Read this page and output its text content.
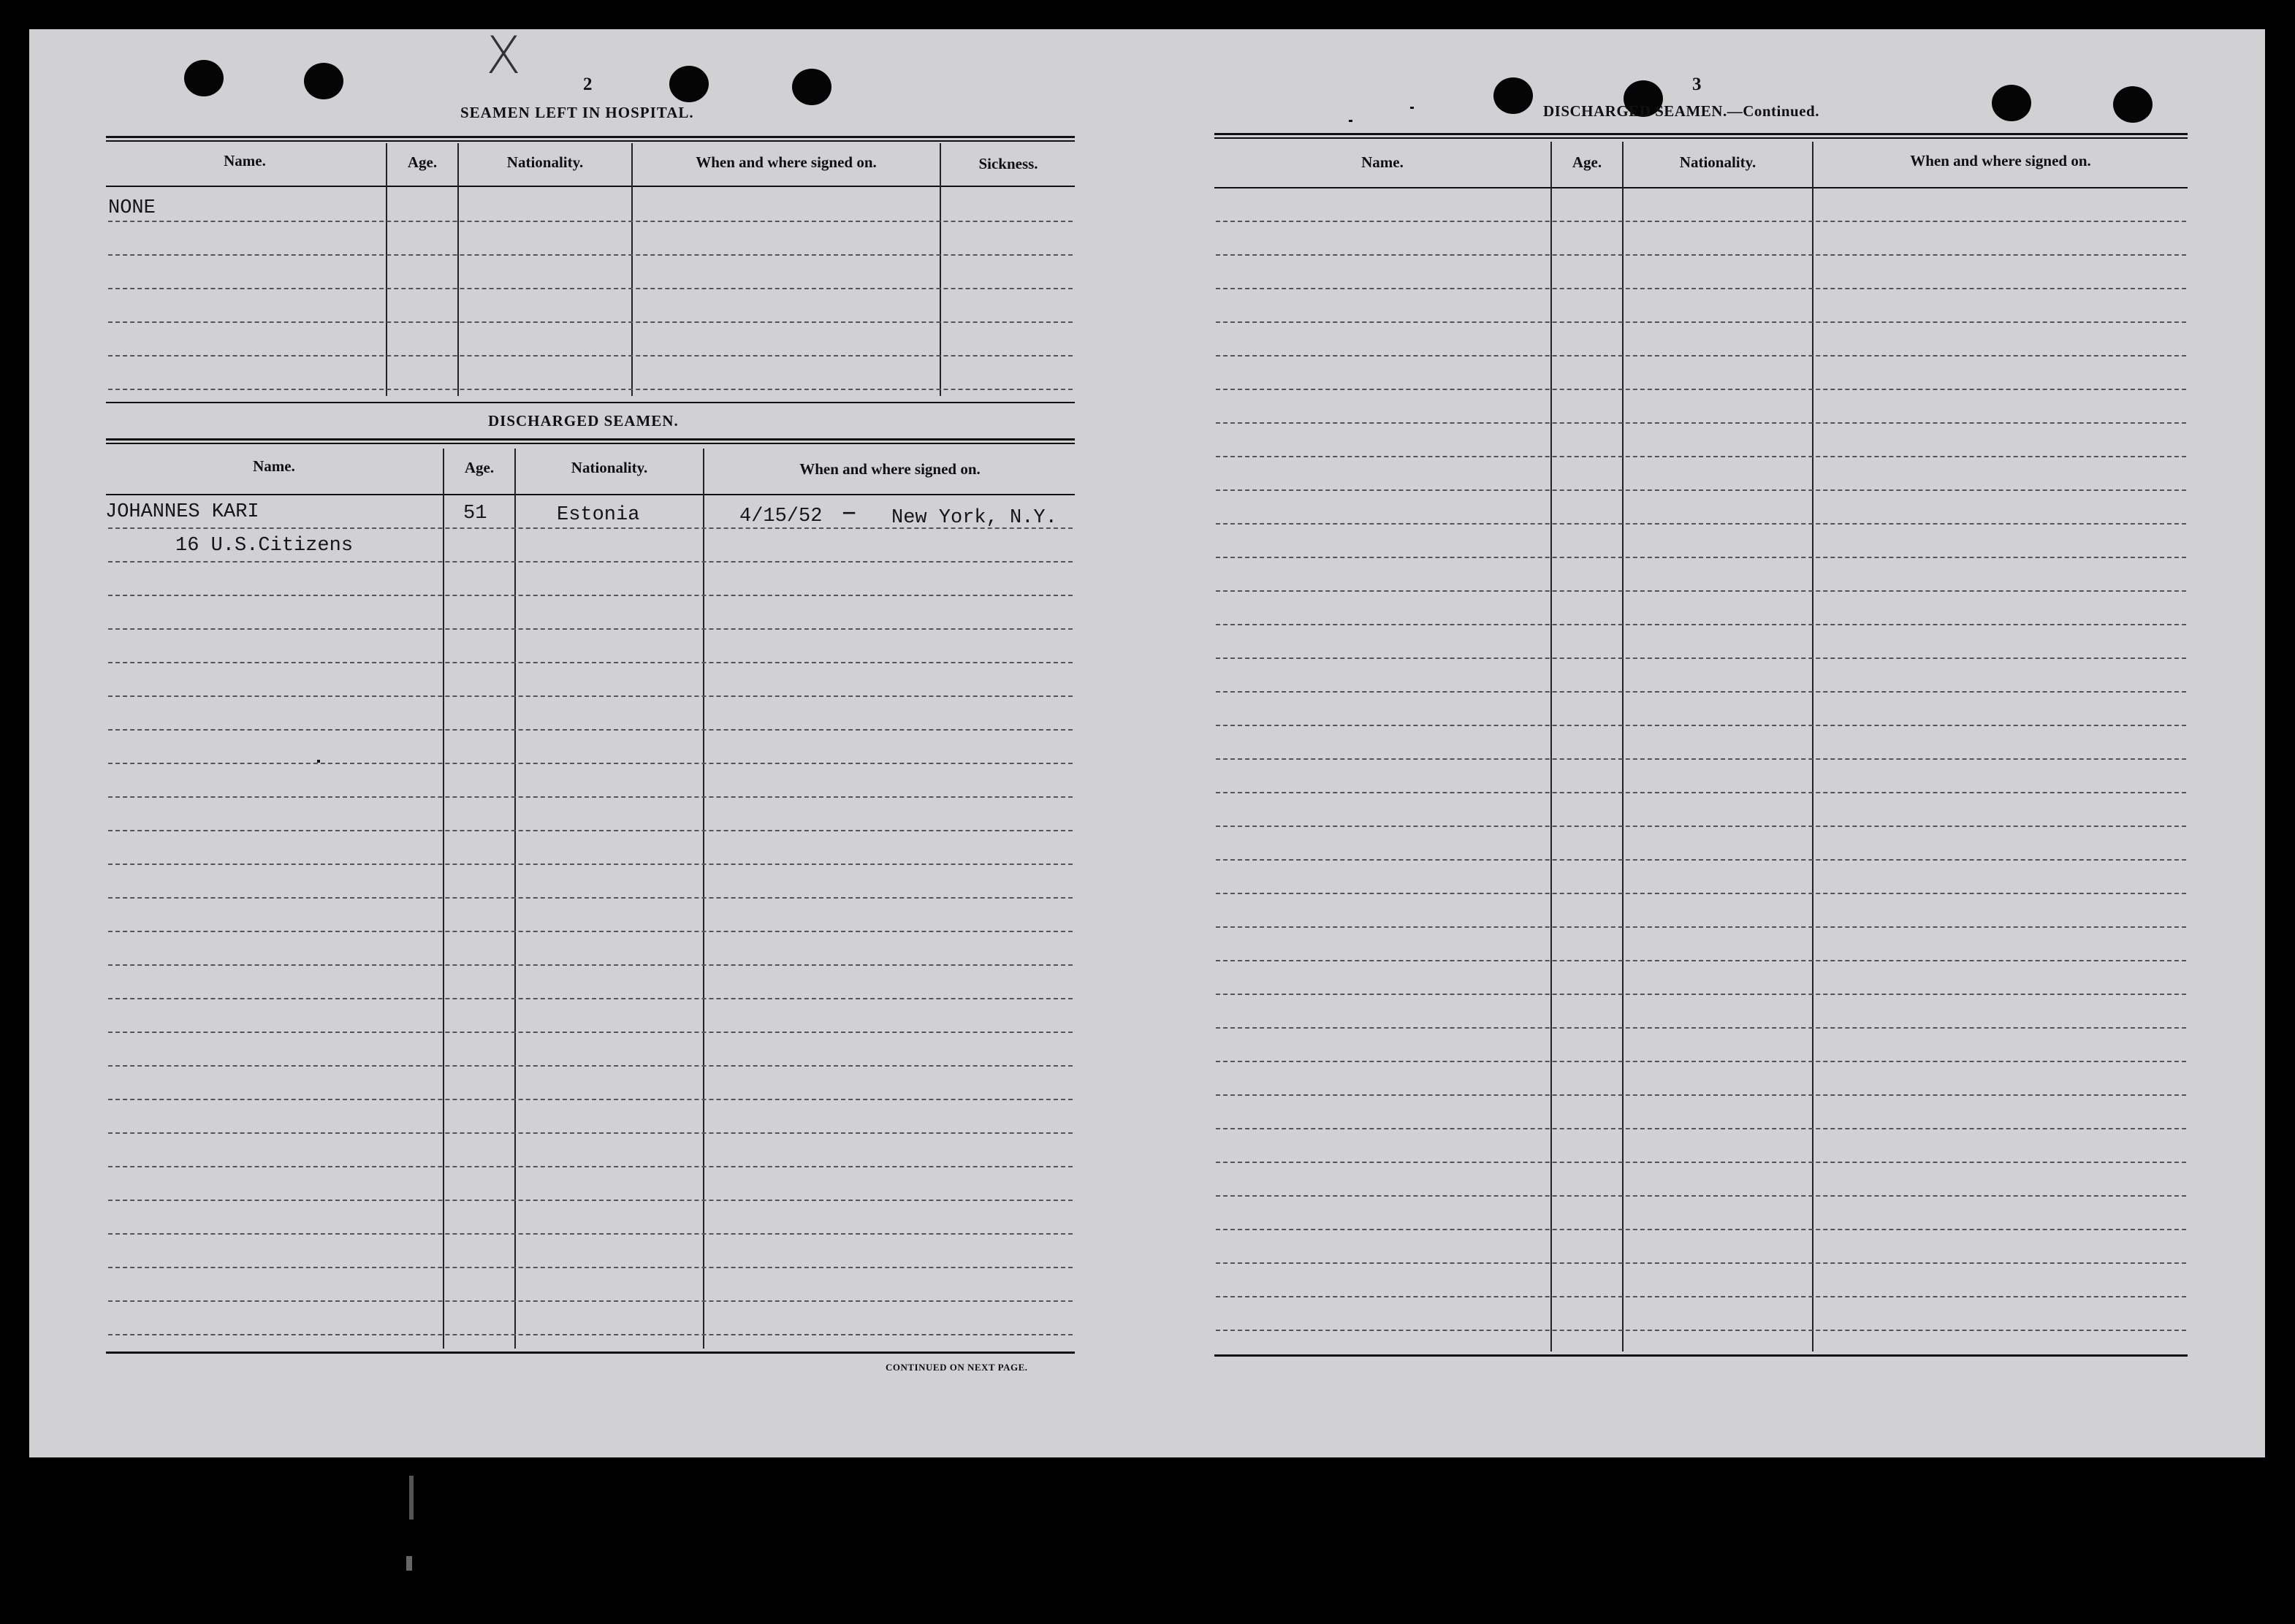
X	2
SEAMEN LEFT IN HOSPITAL.
Name.	Age.	Nationality.	When and where signed on.	Sickness.
NONE
DISCHARGED SEAMEN.
Name.	Age.	Nationality.	When and where signed on.
JOHANNES KARI	51	Estonia	4/15/52 — New York, N.Y.
16 U.S.Citizens
CONTINUED ON NEXT PAGE.
3
DISCHARGED SEAMEN.—Continued.
Name.	Age.	Nationality.	When and where signed on.
